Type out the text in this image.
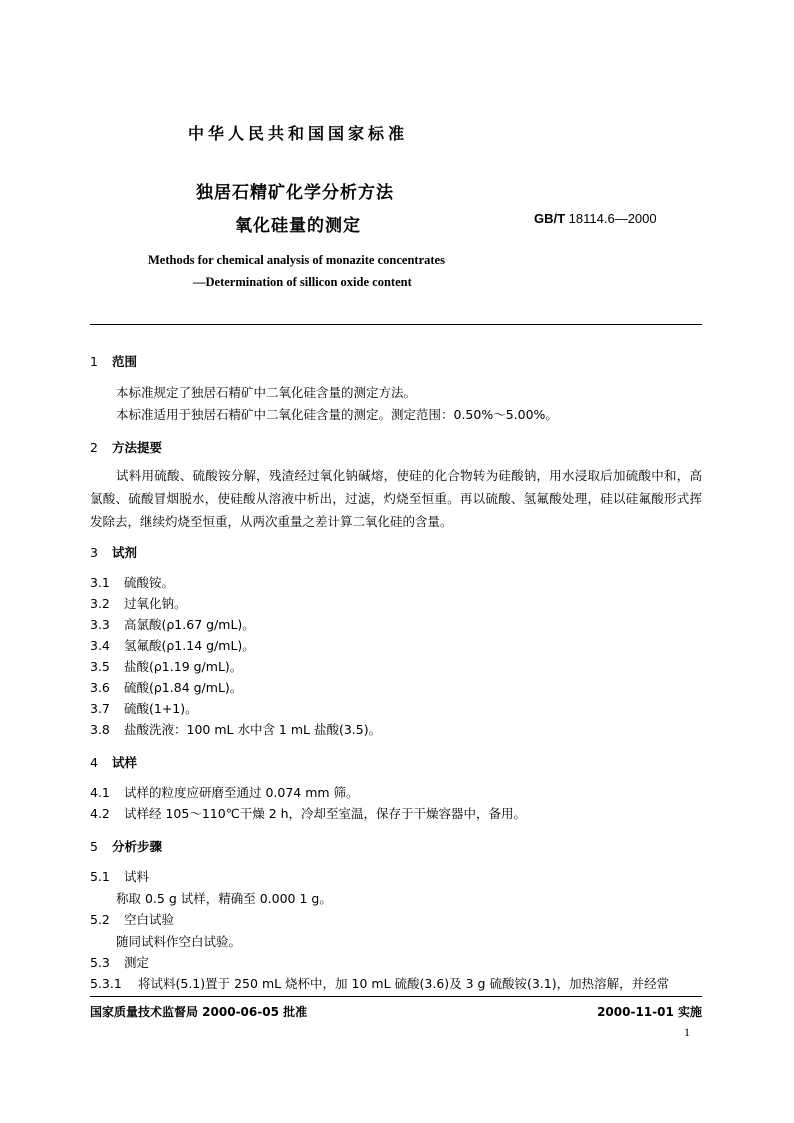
中华人民共和国国家标准
独居石精矿化学分析方法
氧化硅量的测定	GB/T 18114.6—2000
Methods for chemical analysis of monazite concentrates
—Determination of sillicon oxide content
1 范围
本标准规定了独居石精矿中二氧化硅含量的测定方法。
本标准适用于独居石精矿中二氧化硅含量的测定。测定范围：0.50%～5.00%。
2 方法提要
试料用硫酸、硫酸铵分解，残渣经过氧化钠碱熔，使硅的化合物转为硅酸钠，用水浸取后加硫酸中和，高氯酸、硫酸冒烟脱水，使硅酸从溶液中析出，过滤，灼烧至恒重。再以硫酸、氢氟酸处理，硅以硅氟酸形式挥发除去，继续灼烧至恒重，从两次重量之差计算二氧化硅的含量。
3 试剂
3.1 硫酸铵。
3.2 过氧化钠。
3.3 高氯酸(ρ1.67 g/mL)。
3.4 氢氟酸(ρ1.14 g/mL)。
3.5 盐酸(ρ1.19 g/mL)。
3.6 硫酸(ρ1.84 g/mL)。
3.7 硫酸(1+1)。
3.8 盐酸洗液：100 mL 水中含 1 mL 盐酸(3.5)。
4 试样
4.1 试样的粒度应研磨至通过 0.074 mm 筛。
4.2 试样经 105～110℃干燥 2 h，冷却至室温，保存于干燥容器中，备用。
5 分析步骤
5.1 试料
称取 0.5 g 试样，精确至 0.000 1 g。
5.2 空白试验
随同试料作空白试验。
5.3 测定
5.3.1 将试料(5.1)置于 250 mL 烧杯中，加 10 mL 硫酸(3.6)及 3 g 硫酸铵(3.1)，加热溶解，并经常
国家质量技术监督局 2000-06-05 批准	2000-11-01 实施
1
